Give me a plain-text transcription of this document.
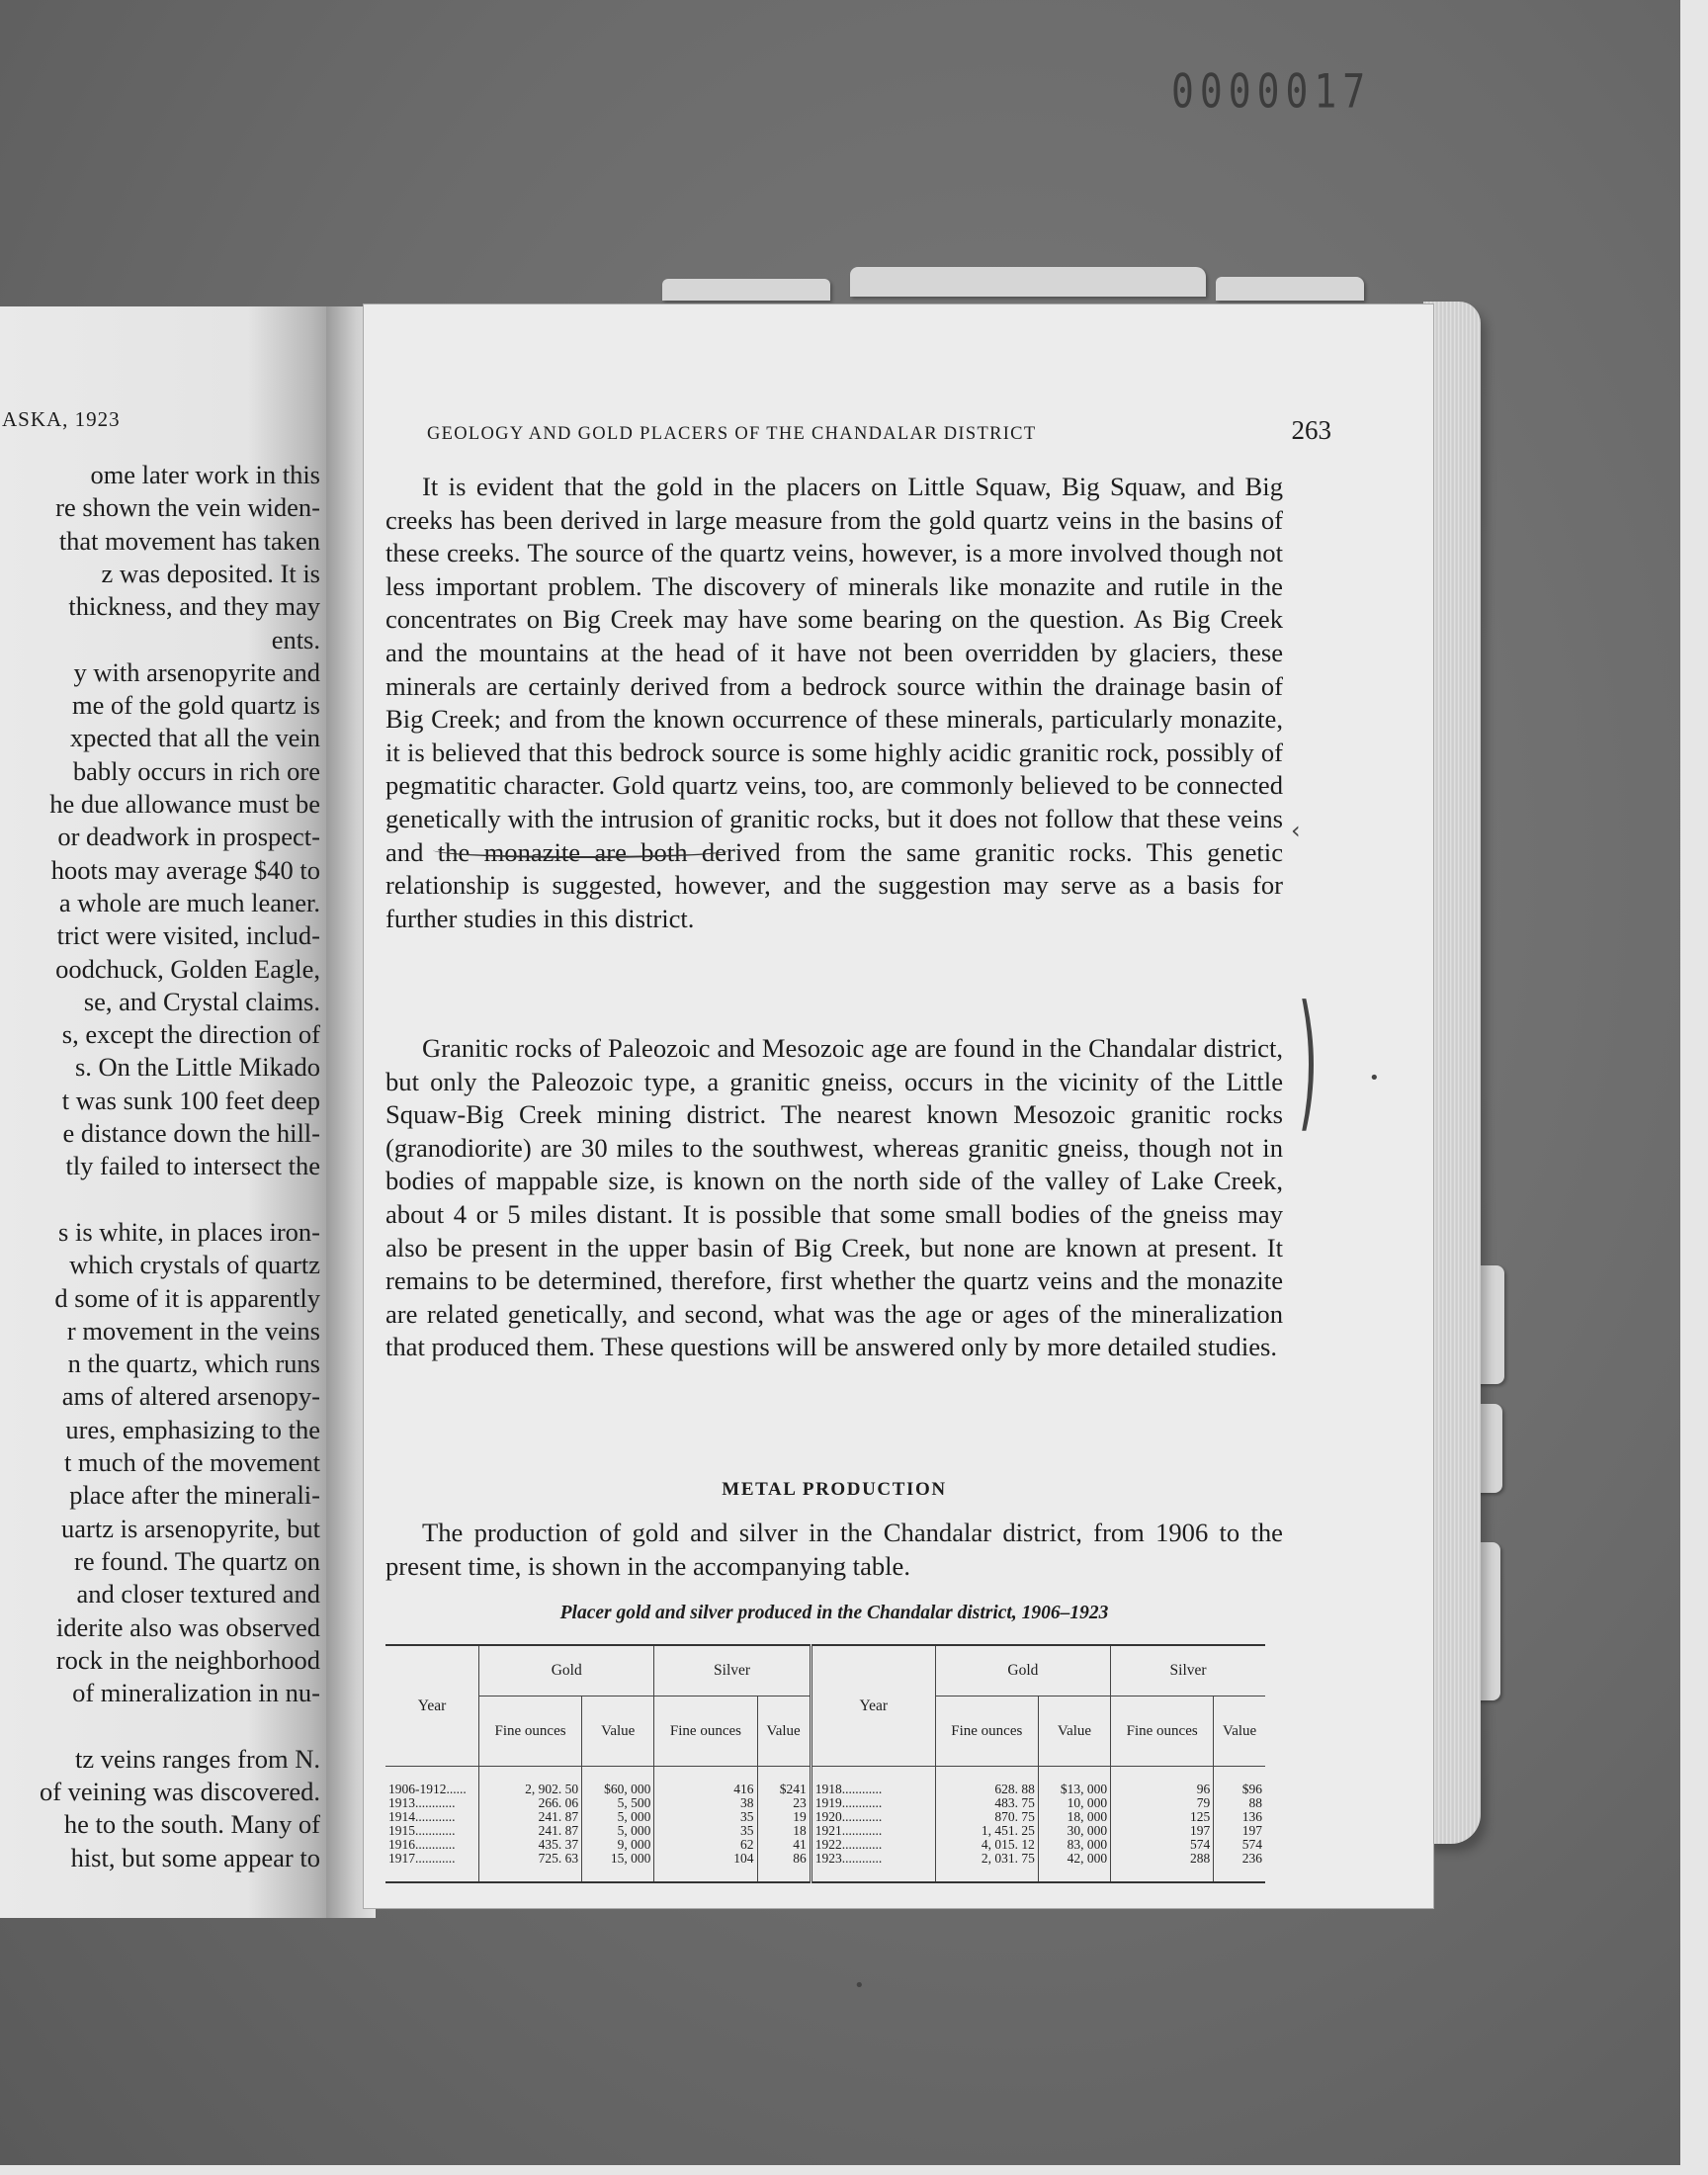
0000017
ASKA, 1923
ome later work in this
re shown the vein widen-
that movement has taken
z was deposited. It is
thickness, and they may
ents.
y with arsenopyrite and
me of the gold quartz is
xpected that all the vein
bably occurs in rich ore
he due allowance must be
or deadwork in prospect-
hoots may average $40 to
a whole are much leaner.
trict were visited, includ-
oodchuck, Golden Eagle,
se, and Crystal claims.
s, except the direction of
s. On the Little Mikado
t was sunk 100 feet deep
e distance down the hill-
tly failed to intersect the
s is white, in places iron-
which crystals of quartz
d some of it is apparently
r movement in the veins
n the quartz, which runs
ams of altered arsenopy-
ures, emphasizing to the
t much of the movement
place after the minerali-
uartz is arsenopyrite, but
re found. The quartz on
and closer textured and
iderite also was observed
rock in the neighborhood
of mineralization in nu-
tz veins ranges from N.
of veining was discovered.
he to the south. Many of
hist, but some appear to
GEOLOGY AND GOLD PLACERS OF THE CHANDALAR DISTRICT	263

It is evident that the gold in the placers on Little Squaw, Big Squaw, and Big creeks has been derived in large measure from the gold quartz veins in the basins of these creeks. The source of the quartz veins, however, is a more involved though not less important problem. The discovery of minerals like monazite and rutile in the concentrates on Big Creek may have some bearing on the question. As Big Creek and the mountains at the head of it have not been overridden by glaciers, these minerals are certainly derived from a bedrock source within the drainage basin of Big Creek; and from the known occurrence of these minerals, particularly monazite, it is believed that this bedrock source is some highly acidic granitic rock, possibly of pegmatitic character. Gold quartz veins, too, are commonly believed to be connected genetically with the intrusion of granitic rocks, but it does not follow that these veins and the monazite are both derived from the same granitic rocks. This genetic relationship is suggested, however, and the suggestion may serve as a basis for further studies in this district.

Granitic rocks of Paleozoic and Mesozoic age are found in the Chandalar district, but only the Paleozoic type, a granitic gneiss, occurs in the vicinity of the Little Squaw-Big Creek mining district. The nearest known Mesozoic granitic rocks (granodiorite) are 30 miles to the southwest, whereas granitic gneiss, though not in bodies of mappable size, is known on the north side of the valley of Lake Creek, about 4 or 5 miles distant. It is possible that some small bodies of the gneiss may also be present in the upper basin of Big Creek, but none are known at present. It remains to be determined, therefore, first whether the quartz veins and the monazite are related genetically, and second, what was the age or ages of the mineralization that produced them. These questions will be answered only by more detailed studies.

METAL PRODUCTION

The production of gold and silver in the Chandalar district, from 1906 to the present time, is shown in the accompanying table.

Placer gold and silver produced in the Chandalar district, 1906–1923
Year	Gold		Silver		Year	Gold		Silver	
	Fine ounces	Value	Fine ounces	Value		Fine ounces	Value	Fine ounces	Value
1906-1912......	2, 902. 50	$60, 000	416	$241	1918............	628. 88	$13, 000	96	$96
1913............	266. 06	5, 500	38	23	1919............	483. 75	10, 000	79	88
1914............	241. 87	5, 000	35	19	1920............	870. 75	18, 000	125	136
1915............	241. 87	5, 000	35	18	1921............	1, 451. 25	30, 000	197	197
1916............	435. 37	9, 000	62	41	1922............	4, 015. 12	83, 000	574	574
1917............	725. 63	15, 000	104	86	1923............	2, 031. 75	42, 000	288	236
‹
)	•
•
